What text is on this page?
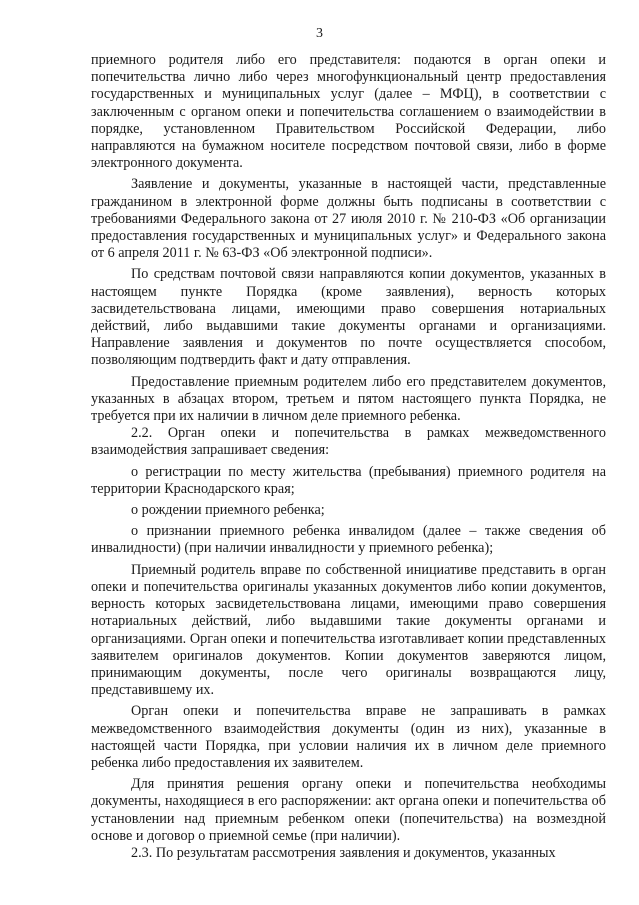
3

приемного родителя либо его представителя: подаются в орган опеки и попечительства лично либо через многофункциональный центр предоставления государственных и муниципальных услуг (далее – МФЦ), в соответствии с заключенным с органом опеки и попечительства соглашением о взаимодействии в порядке, установленном Правительством Российской Федерации, либо направляются на бумажном носителе посредством почтовой связи, либо в форме электронного документа.

Заявление и документы, указанные в настоящей части, представленные гражданином в электронной форме должны быть подписаны в соответствии с требованиями Федерального закона от 27 июля 2010 г. № 210-ФЗ «Об организации предоставления государственных и муниципальных услуг» и Федерального закона от 6 апреля 2011 г. № 63-ФЗ «Об электронной подписи».

По средствам почтовой связи направляются копии документов, указанных в настоящем пункте Порядка (кроме заявления), верность которых засвидетельствована лицами, имеющими право совершения нотариальных действий, либо выдавшими такие документы органами и организациями. Направление заявления и документов по почте осуществляется способом, позволяющим подтвердить факт и дату отправления.

Предоставление приемным родителем либо его представителем документов, указанных в абзацах втором, третьем и пятом настоящего пункта Порядка, не требуется при их наличии в личном деле приемного ребенка.

2.2. Орган опеки и попечительства в рамках межведомственного взаимодействия запрашивает сведения:

о регистрации по месту жительства (пребывания) приемного родителя на территории Краснодарского края;

о рождении приемного ребенка;

о признании приемного ребенка инвалидом (далее – также сведения об инвалидности) (при наличии инвалидности у приемного ребенка);

Приемный родитель вправе по собственной инициативе представить в орган опеки и попечительства оригиналы указанных документов либо копии документов, верность которых засвидетельствована лицами, имеющими право совершения нотариальных действий, либо выдавшими такие документы органами и организациями. Орган опеки и попечительства изготавливает копии представленных заявителем оригиналов документов. Копии документов заверяются лицом, принимающим документы, после чего оригиналы возвращаются лицу, представившему их.

Орган опеки и попечительства вправе не запрашивать в рамках межведомственного взаимодействия документы (один из них), указанные в настоящей части Порядка, при условии наличия их в личном деле приемного ребенка либо предоставления их заявителем.

Для принятия решения органу опеки и попечительства необходимы документы, находящиеся в его распоряжении: акт органа опеки и попечительства об установлении над приемным ребенком опеки (попечительства) на возмездной основе и договор о приемной семье (при наличии).

2.3. По результатам рассмотрения заявления и документов, указанных
